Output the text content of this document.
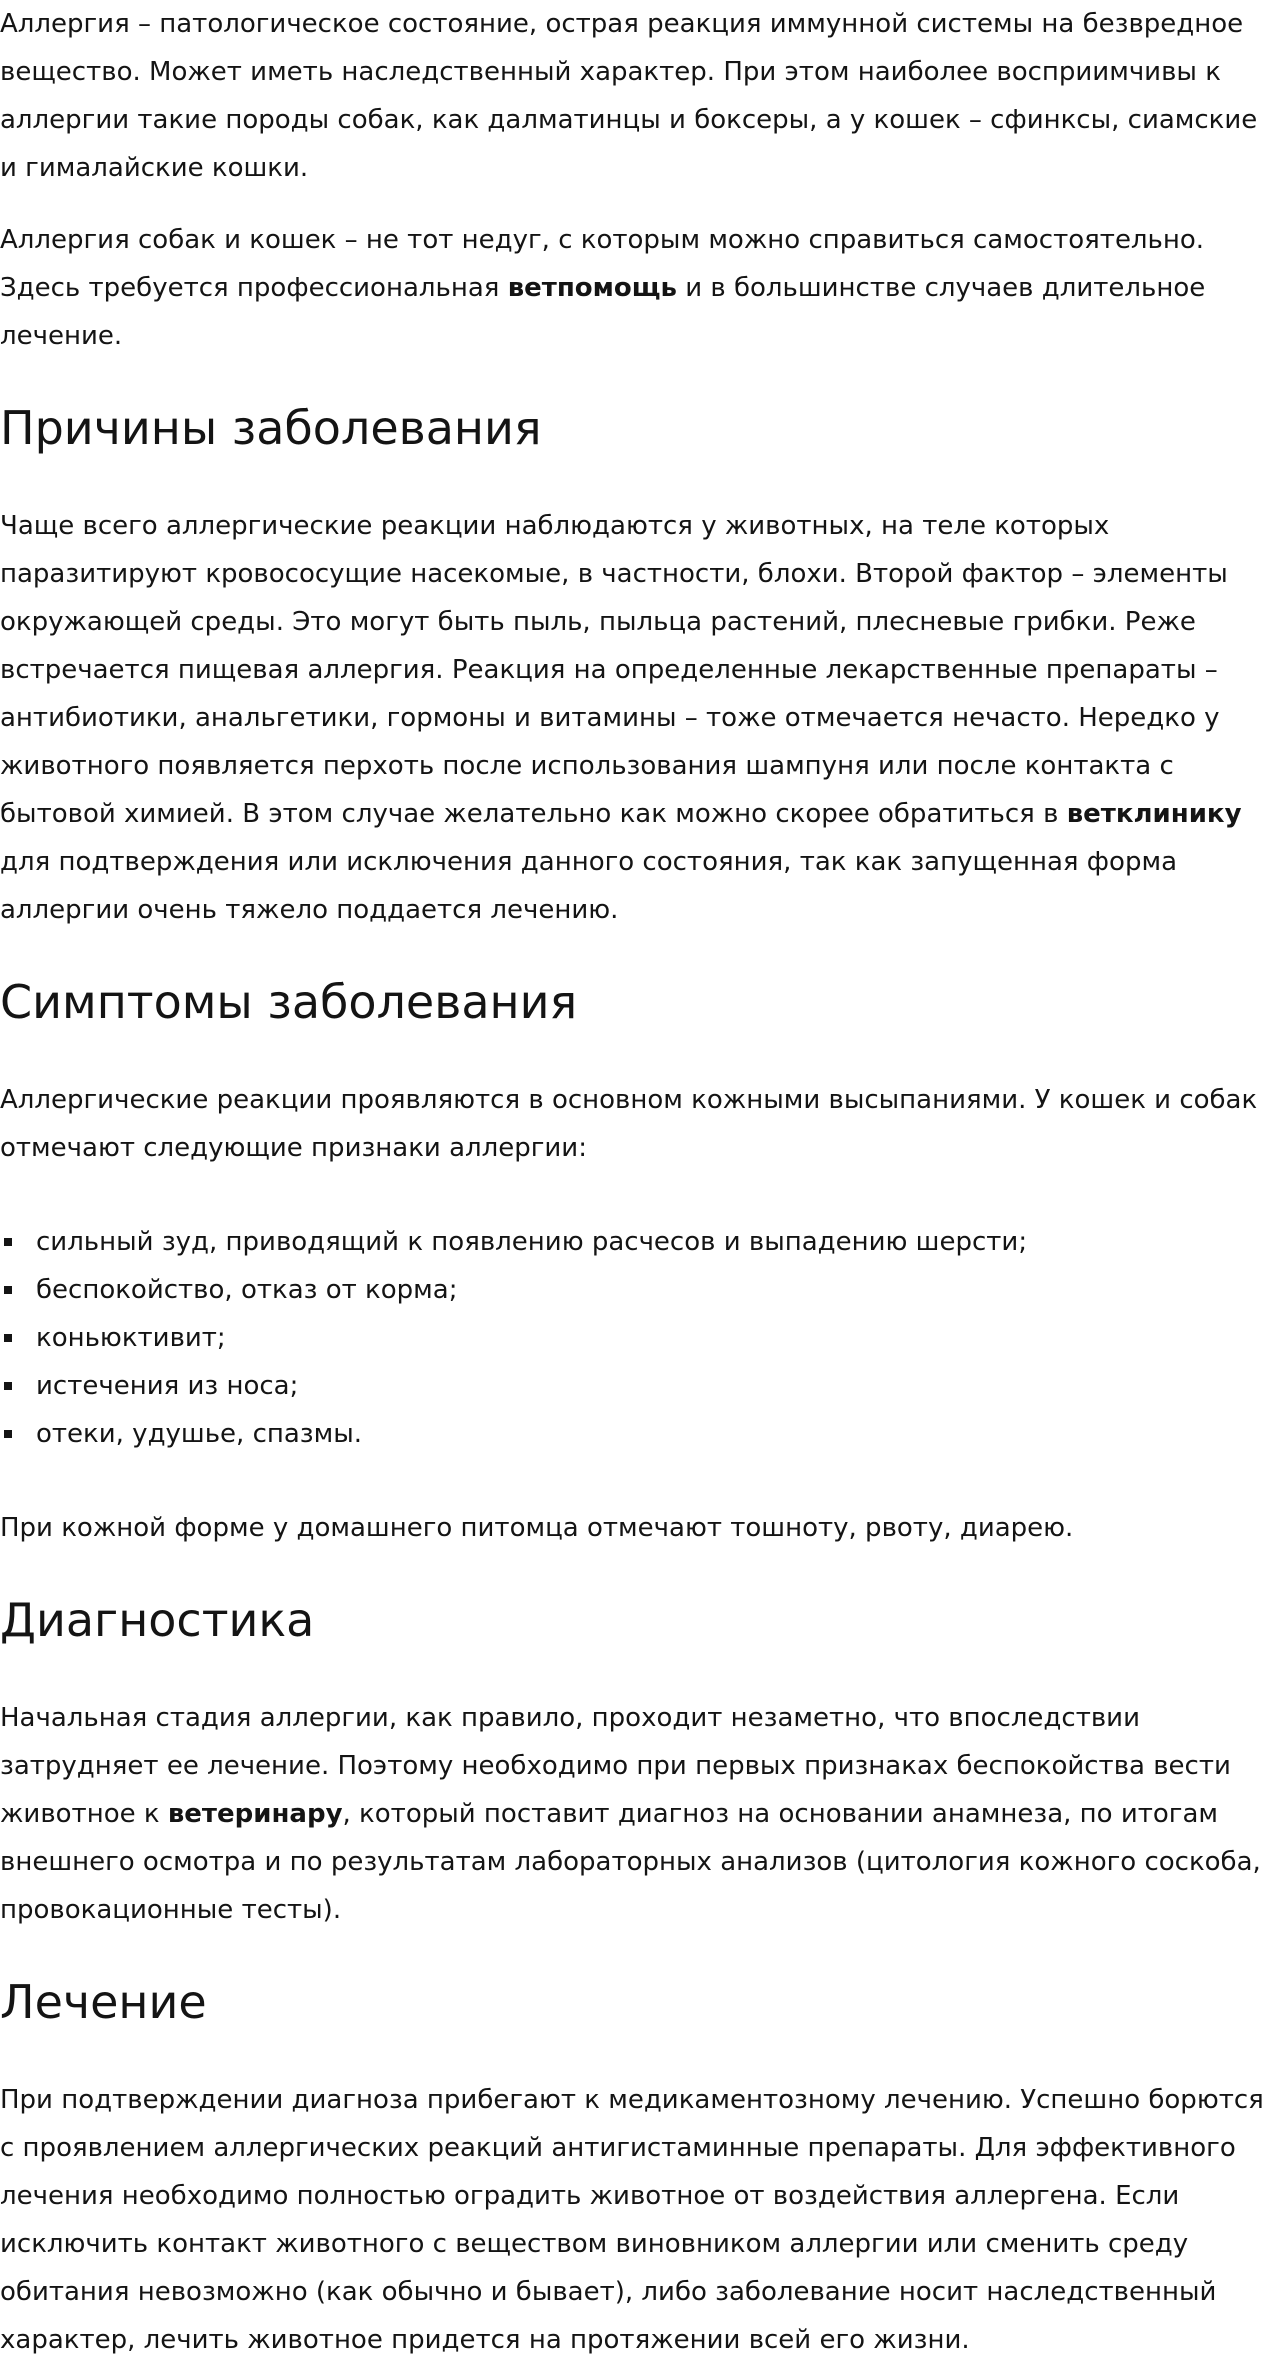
Аллергия – патологическое состояние, острая реакция иммунной системы на безвредное вещество. Может иметь наследственный характер. При этом наиболее восприимчивы к аллергии такие породы собак, как далматинцы и боксеры, а у кошек – сфинксы, сиамские и гималайские кошки.

Аллергия собак и кошек – не тот недуг, с которым можно справиться самостоятельно. Здесь требуется профессиональная ветпомощь и в большинстве случаев длительное лечение.

Причины заболевания

Чаще всего аллергические реакции наблюдаются у животных, на теле которых паразитируют кровососущие насекомые, в частности, блохи. Второй фактор – элементы окружающей среды. Это могут быть пыль, пыльца растений, плесневые грибки. Реже встречается пищевая аллергия. Реакция на определенные лекарственные препараты – антибиотики, анальгетики, гормоны и витамины – тоже отмечается нечасто. Нередко у животного появляется перхоть после использования шампуня или после контакта с бытовой химией. В этом случае желательно как можно скорее обратиться в ветклинику для подтверждения или исключения данного состояния, так как запущенная форма аллергии очень тяжело поддается лечению.

Симптомы заболевания

Аллергические реакции проявляются в основном кожными высыпаниями. У кошек и собак отмечают следующие признаки аллергии:

сильный зуд, приводящий к появлению расчесов и выпадению шерсти;
беспокойство, отказ от корма;
коньюктивит;
истечения из носа;
отеки, удушье, спазмы.

При кожной форме у домашнего питомца отмечают тошноту, рвоту, диарею.

Диагностика

Начальная стадия аллергии, как правило, проходит незаметно, что впоследствии затрудняет ее лечение. Поэтому необходимо при первых признаках беспокойства вести животное к ветеринару, который поставит диагноз на основании анамнеза, по итогам внешнего осмотра и по результатам лабораторных анализов (цитология кожного соскоба, провокационные тесты).

Лечение

При подтверждении диагноза прибегают к медикаментозному лечению. Успешно борются с проявлением аллергических реакций антигистаминные препараты. Для эффективного лечения необходимо полностью оградить животное от воздействия аллергена. Если исключить контакт животного с веществом виновником аллергии или сменить среду обитания невозможно (как обычно и бывает), либо заболевание носит наследственный характер, лечить животное придется на протяжении всей его жизни.
